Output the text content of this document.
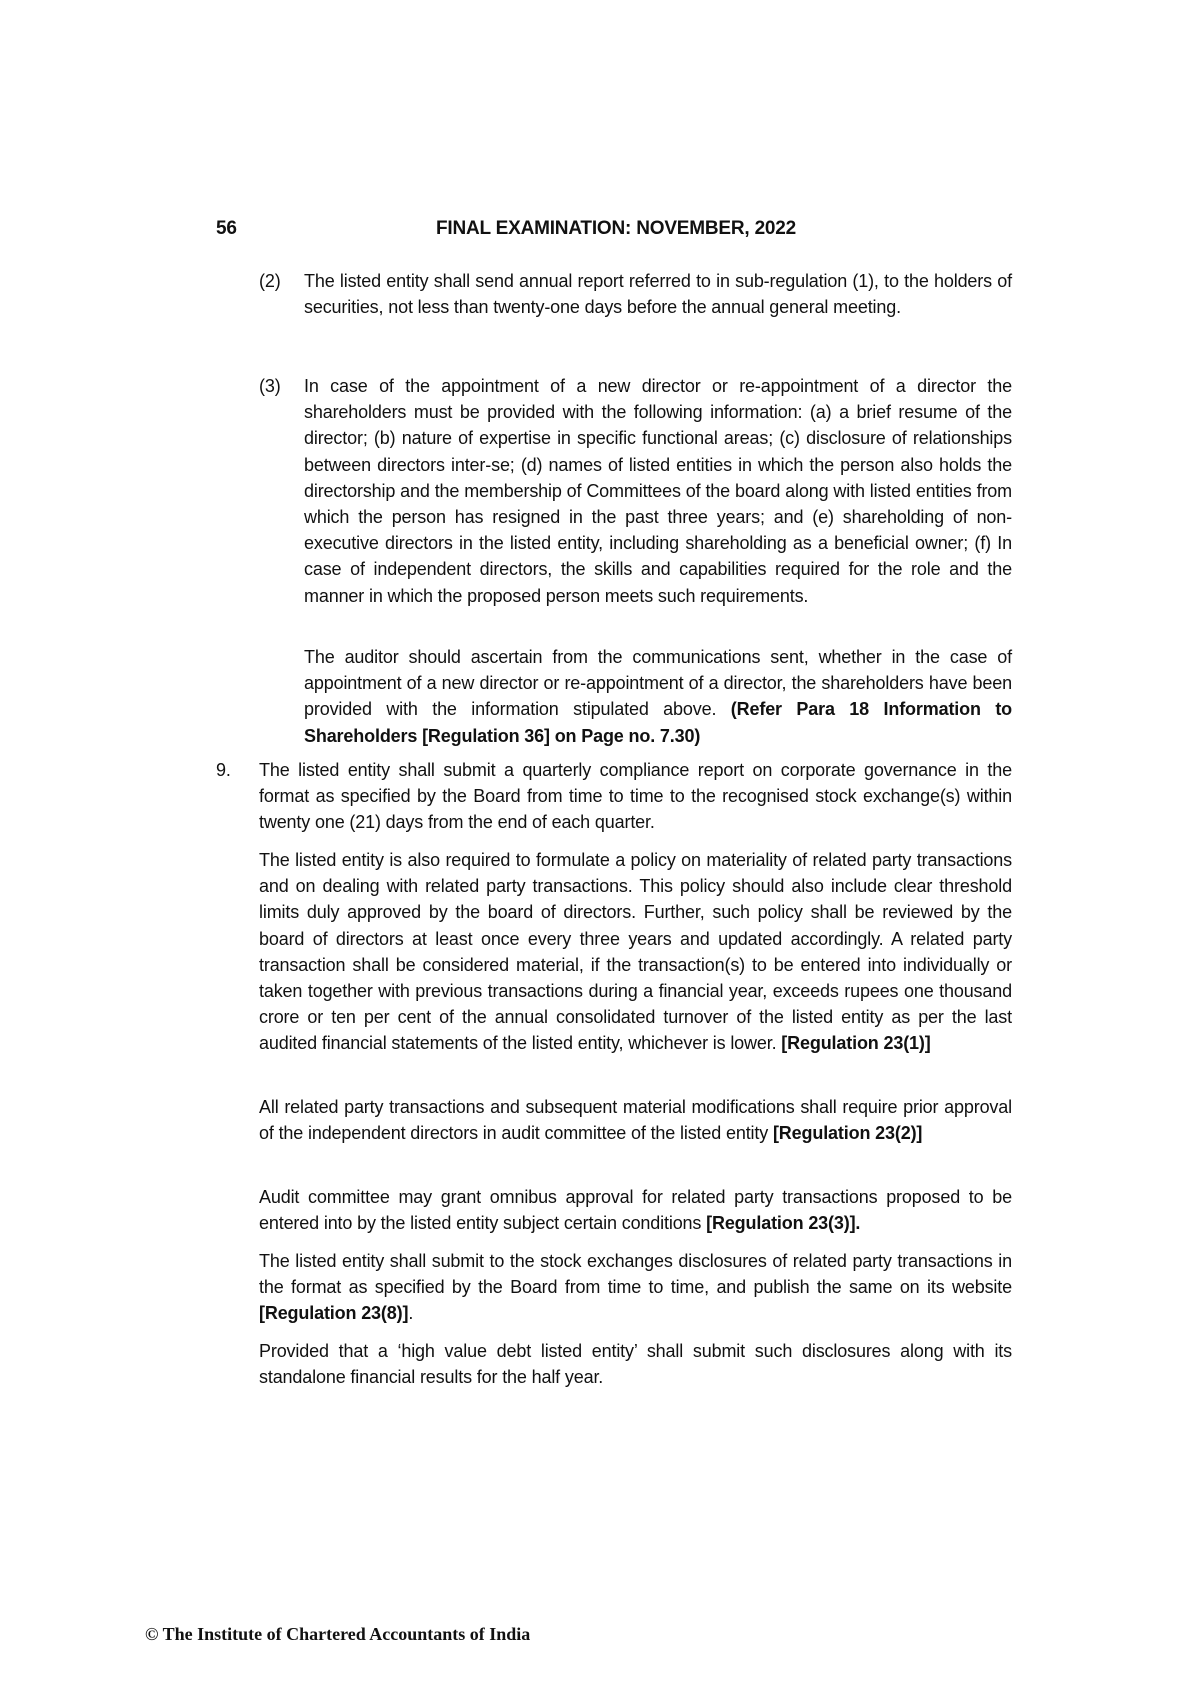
56	FINAL EXAMINATION: NOVEMBER, 2022
(2)	The listed entity shall send annual report referred to in sub-regulation (1), to the holders of securities, not less than twenty-one days before the annual general meeting.
(3)	In case of the appointment of a new director or re-appointment of a director the shareholders must be provided with the following information: (a) a brief resume of the director; (b) nature of expertise in specific functional areas; (c) disclosure of relationships between directors inter-se; (d) names of listed entities in which the person also holds the directorship and the membership of Committees of the board along with listed entities from which the person has resigned in the past three years; and (e) shareholding of non-executive directors in the listed entity, including shareholding as a beneficial owner; (f) In case of independent directors, the skills and capabilities required for the role and the manner in which the proposed person meets such requirements.
The auditor should ascertain from the communications sent, whether in the case of appointment of a new director or re-appointment of a director, the shareholders have been provided with the information stipulated above. (Refer Para 18 Information to Shareholders [Regulation 36] on Page no. 7.30)
9. The listed entity shall submit a quarterly compliance report on corporate governance in the format as specified by the Board from time to time to the recognised stock exchange(s) within twenty one (21) days from the end of each quarter.
The listed entity is also required to formulate a policy on materiality of related party transactions and on dealing with related party transactions. This policy should also include clear threshold limits duly approved by the board of directors. Further, such policy shall be reviewed by the board of directors at least once every three years and updated accordingly. A related party transaction shall be considered material, if the transaction(s) to be entered into individually or taken together with previous transactions during a financial year, exceeds rupees one thousand crore or ten per cent of the annual consolidated turnover of the listed entity as per the last audited financial statements of the listed entity, whichever is lower. [Regulation 23(1)]
All related party transactions and subsequent material modifications shall require prior approval of the independent directors in audit committee of the listed entity [Regulation 23(2)]
Audit committee may grant omnibus approval for related party transactions proposed to be entered into by the listed entity subject certain conditions [Regulation 23(3)].
The listed entity shall submit to the stock exchanges disclosures of related party transactions in the format as specified by the Board from time to time, and publish the same on its website [Regulation 23(8)].
Provided that a ‘high value debt listed entity’ shall submit such disclosures along with its standalone financial results for the half year.
© The Institute of Chartered Accountants of India
